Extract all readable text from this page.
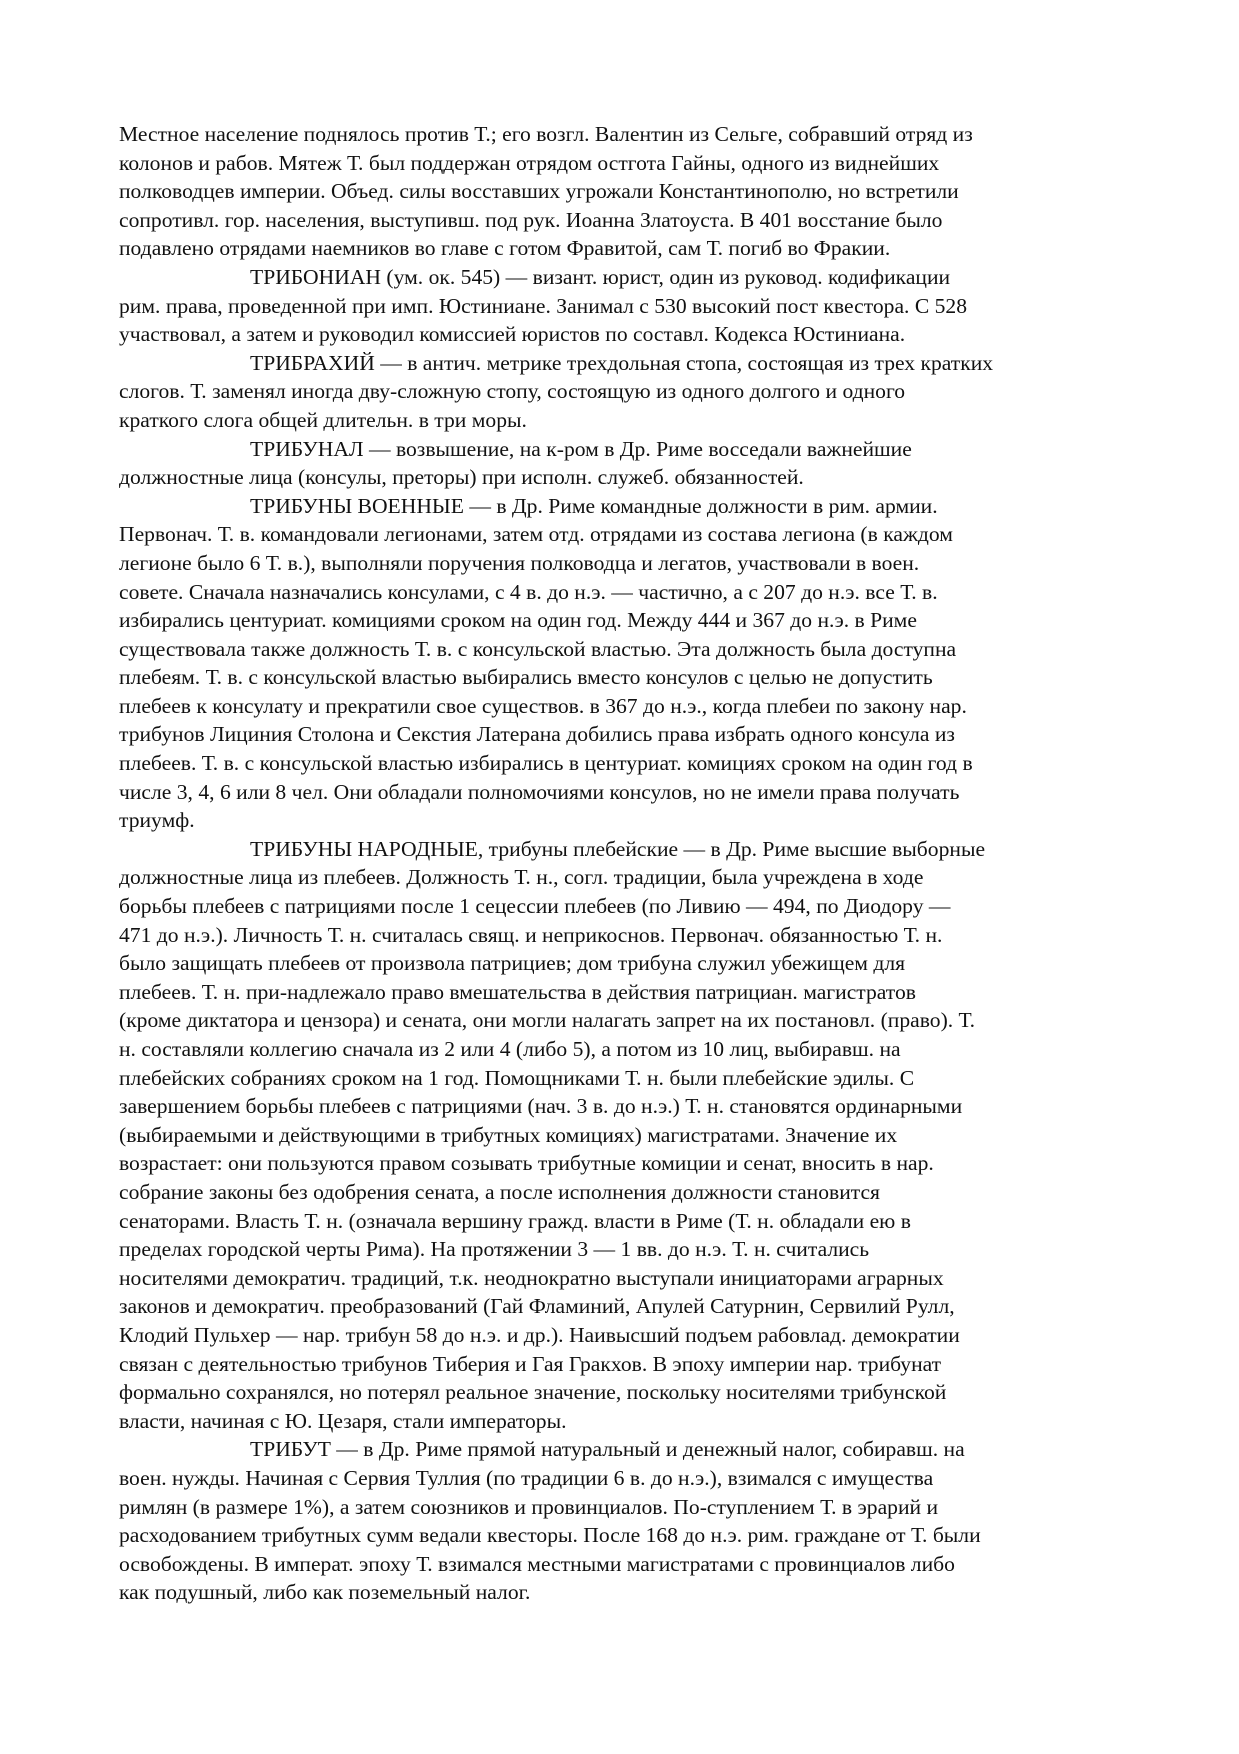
Местное население поднялось против Т.; его возгл. Валентин из Сельге, собравший отряд из
колонов и рабов. Мятеж Т. был поддержан отрядом остгота Гайны, одного из виднейших
полководцев империи. Объед. силы восставших угрожали Константинополю, но встретили
сопротивл. гор. населения, выступивш. под рук. Иоанна Златоуста. В 401 восстание было
подавлено отрядами наемников во главе с готом Фравитой, сам Т. погиб во Фракии.
ТРИБОНИАН (ум. ок. 545) — визант. юрист, один из руковод. кодификации
рим. права, проведенной при имп. Юстиниане. Занимал с 530 высокий пост квестора. С 528
участвовал, а затем и руководил комиссией юристов по составл. Кодекса Юстиниана.
ТРИБРАХИЙ — в антич. метрике трехдольная стопа, состоящая из трех кратких
слогов. Т. заменял иногда дву-сложную стопу, состоящую из одного долгого и одного
краткого слога общей длительн. в три моры.
ТРИБУНАЛ — возвышение, на к-ром в Др. Риме восседали важнейшие
должностные лица (консулы, преторы) при исполн. служеб. обязанностей.
ТРИБУНЫ ВОЕННЫЕ — в Др. Риме командные должности в рим. армии.
Первонач. Т. в. командовали легионами, затем отд. отрядами из состава легиона (в каждом
легионе было 6 Т. в.), выполняли поручения полководца и легатов, участвовали в воен.
совете. Сначала назначались консулами, с 4 в. до н.э. — частично, а с 207 до н.э. все Т. в.
избирались центуриат. комициями сроком на один год. Между 444 и 367 до н.э. в Риме
существовала также должность Т. в. с консульской властью. Эта должность была доступна
плебеям. Т. в. с консульской властью выбирались вместо консулов с целью не допустить
плебеев к консулату и прекратили свое существов. в 367 до н.э., когда плебеи по закону нар.
трибунов Лициния Столона и Секстия Латерана добились права избрать одного консула из
плебеев. Т. в. с консульской властью избирались в центуриат. комициях сроком на один год в
числе 3, 4, 6 или 8 чел. Они обладали полномочиями консулов, но не имели права получать
триумф.
ТРИБУНЫ НАРОДНЫЕ, трибуны плебейские — в Др. Риме высшие выборные
должностные лица из плебеев. Должность Т. н., согл. традиции, была учреждена в ходе
борьбы плебеев с патрициями после 1 сецессии плебеев (по Ливию — 494, по Диодору —
471 до н.э.). Личность Т. н. считалась свящ. и неприкоснов. Первонач. обязанностью Т. н.
было защищать плебеев от произвола патрициев; дом трибуна служил убежищем для
плебеев. Т. н. при-надлежало право вмешательства в действия патрициан. магистратов
(кроме диктатора и цензора) и сената, они могли налагать запрет на их постановл. (право). Т.
н. составляли коллегию сначала из 2 или 4 (либо 5), а потом из 10 лиц, выбиравш. на
плебейских собраниях сроком на 1 год. Помощниками Т. н. были плебейские эдилы. С
завершением борьбы плебеев с патрициями (нач. 3 в. до н.э.) Т. н. становятся ординарными
(выбираемыми и действующими в трибутных комициях) магистратами. Значение их
возрастает: они пользуются правом созывать трибутные комиции и сенат, вносить в нар.
собрание законы без одобрения сената, а после исполнения должности становится
сенаторами. Власть Т. н. (означала вершину гражд. власти в Риме (Т. н. обладали ею в
пределах городской черты Рима). На протяжении 3 — 1 вв. до н.э. Т. н. считались
носителями демократич. традиций, т.к. неоднократно выступали инициаторами аграрных
законов и демократич. преобразований (Гай Фламиний, Апулей Сатурнин, Сервилий Рулл,
Клодий Пульхер — нар. трибун 58 до н.э. и др.). Наивысший подъем рабовлад. демократии
связан с деятельностью трибунов Тиберия и Гая Гракхов. В эпоху империи нар. трибунат
формально сохранялся, но потерял реальное значение, поскольку носителями трибунской
власти, начиная с Ю. Цезаря, стали императоры.
ТРИБУТ — в Др. Риме прямой натуральный и денежный налог, собиравш. на
воен. нужды. Начиная с Сервия Туллия (по традиции 6 в. до н.э.), взимался с имущества
римлян (в размере 1%), а затем союзников и провинциалов. По-ступлением Т. в эрарий и
расходованием трибутных сумм ведали квесторы. После 168 до н.э. рим. граждане от Т. были
освобождены. В императ. эпоху Т. взимался местными магистратами с провинциалов либо
как подушный, либо как поземельный налог.
